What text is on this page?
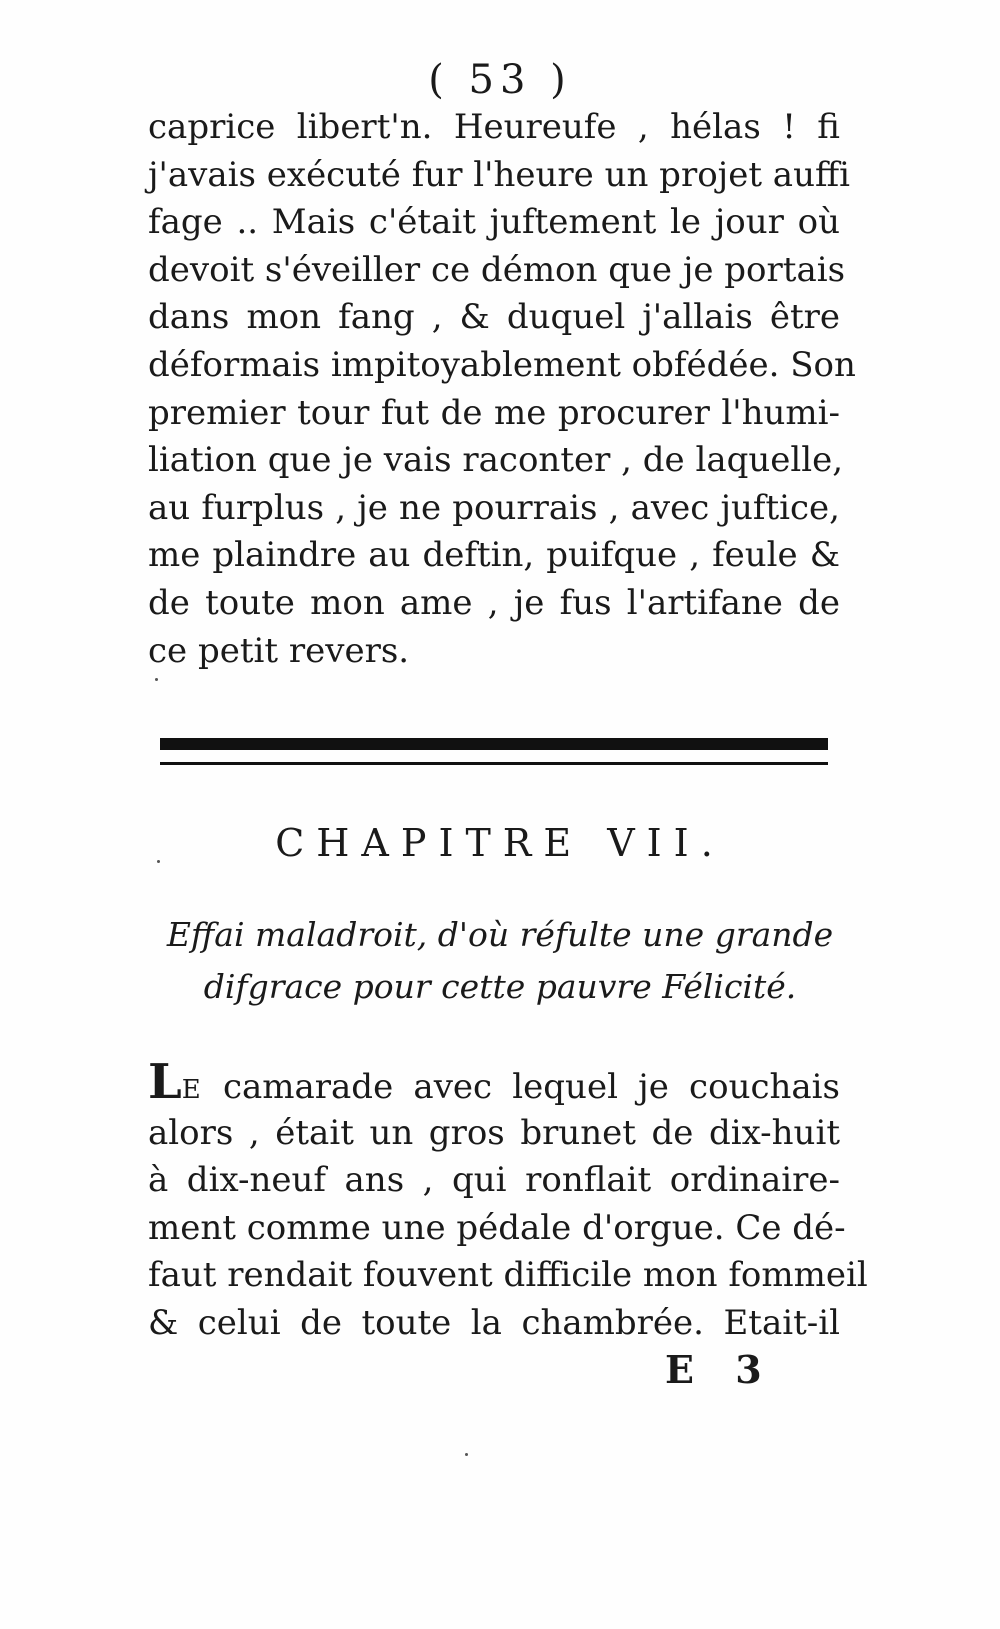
( 53 )
caprice libert'n. Heureufe , hélas ! fi
j'avais exécuté fur l'heure un projet auffi
fage .. Mais c'était juftement le jour où
devoit s'éveiller ce démon que je portais
dans mon fang , & duquel j'allais être
déformais impitoyablement obfédée. Son
premier tour fut de me procurer l'humi-
liation que je vais raconter , de laquelle,
au furplus , je ne pourrais , avec juftice,
me plaindre au deftin, puifque , feule &
de toute mon ame , je fus l'artifane de
ce petit revers.
CHAPITRE VII.
Effai maladroit, d'où réfulte une grande
difgrace pour cette pauvre Félicité.
LE camarade avec lequel je couchais
alors , était un gros brunet de dix-huit
à dix-neuf ans , qui ronflait ordinaire-
ment comme une pédale d'orgue. Ce dé-
faut rendait fouvent difficile mon fommeil
& celui de toute la chambrée. Etait-il
E 3
